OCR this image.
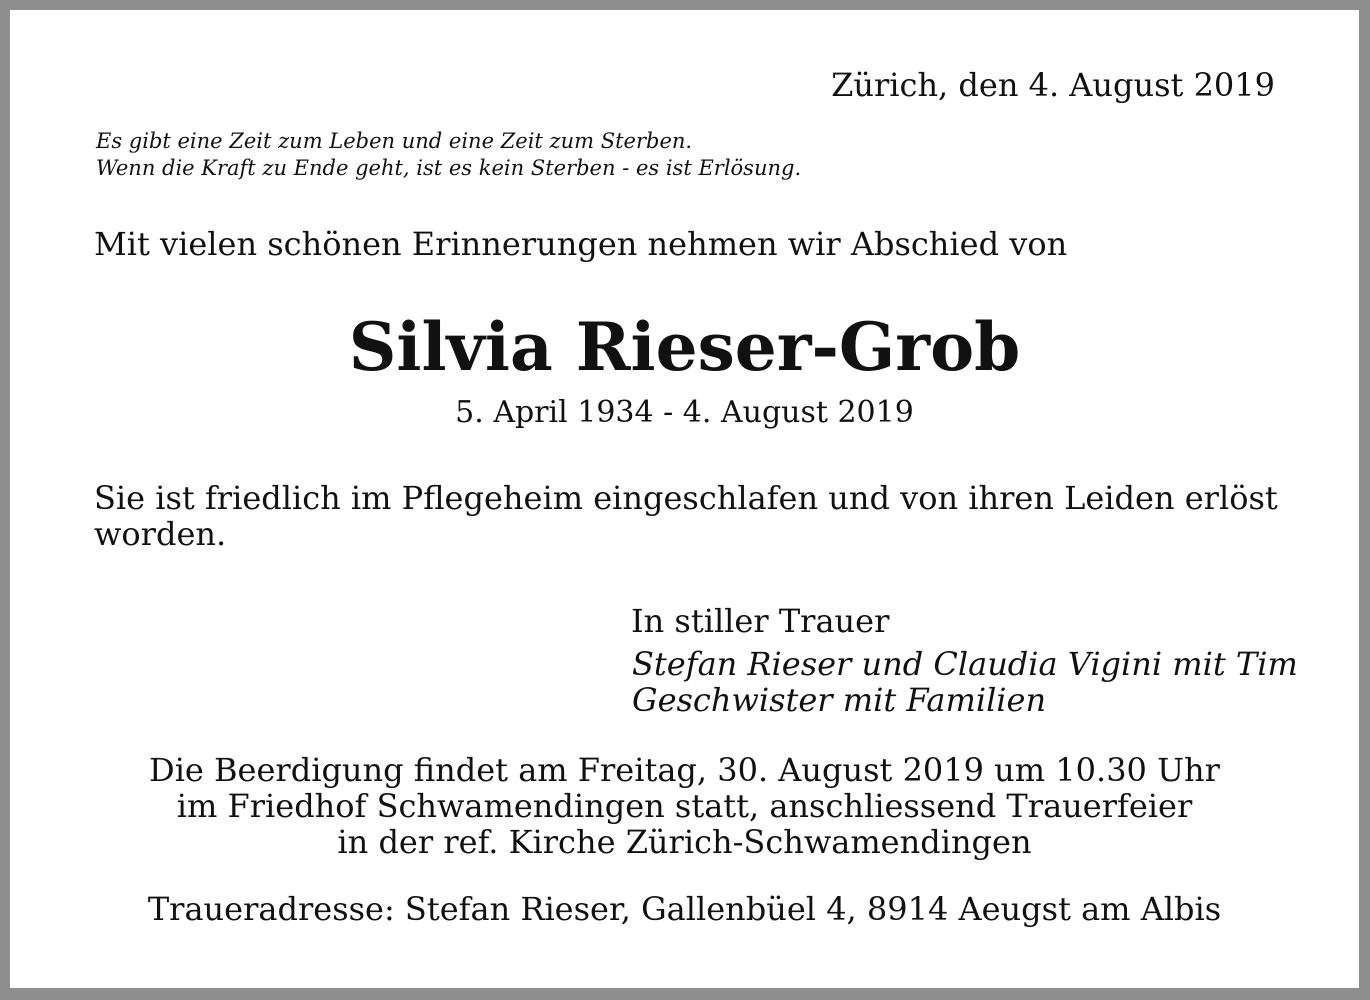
Zürich, den 4. August 2019
Es gibt eine Zeit zum Leben und eine Zeit zum Sterben.
Wenn die Kraft zu Ende geht, ist es kein Sterben - es ist Erlösung.
Mit vielen schönen Erinnerungen nehmen wir Abschied von
Silvia Rieser-Grob
5. April 1934 - 4. August 2019
Sie ist friedlich im Pflegeheim eingeschlafen und von ihren Leiden erlöst worden.
In stiller Trauer
Stefan Rieser und Claudia Vigini mit Tim
Geschwister mit Familien
Die Beerdigung findet am Freitag, 30. August 2019 um 10.30 Uhr
im Friedhof Schwamendingen statt, anschliessend Trauerfeier
in der ref. Kirche Zürich-Schwamendingen
Traueradresse: Stefan Rieser, Gallenbüel 4, 8914 Aeugst am Albis
